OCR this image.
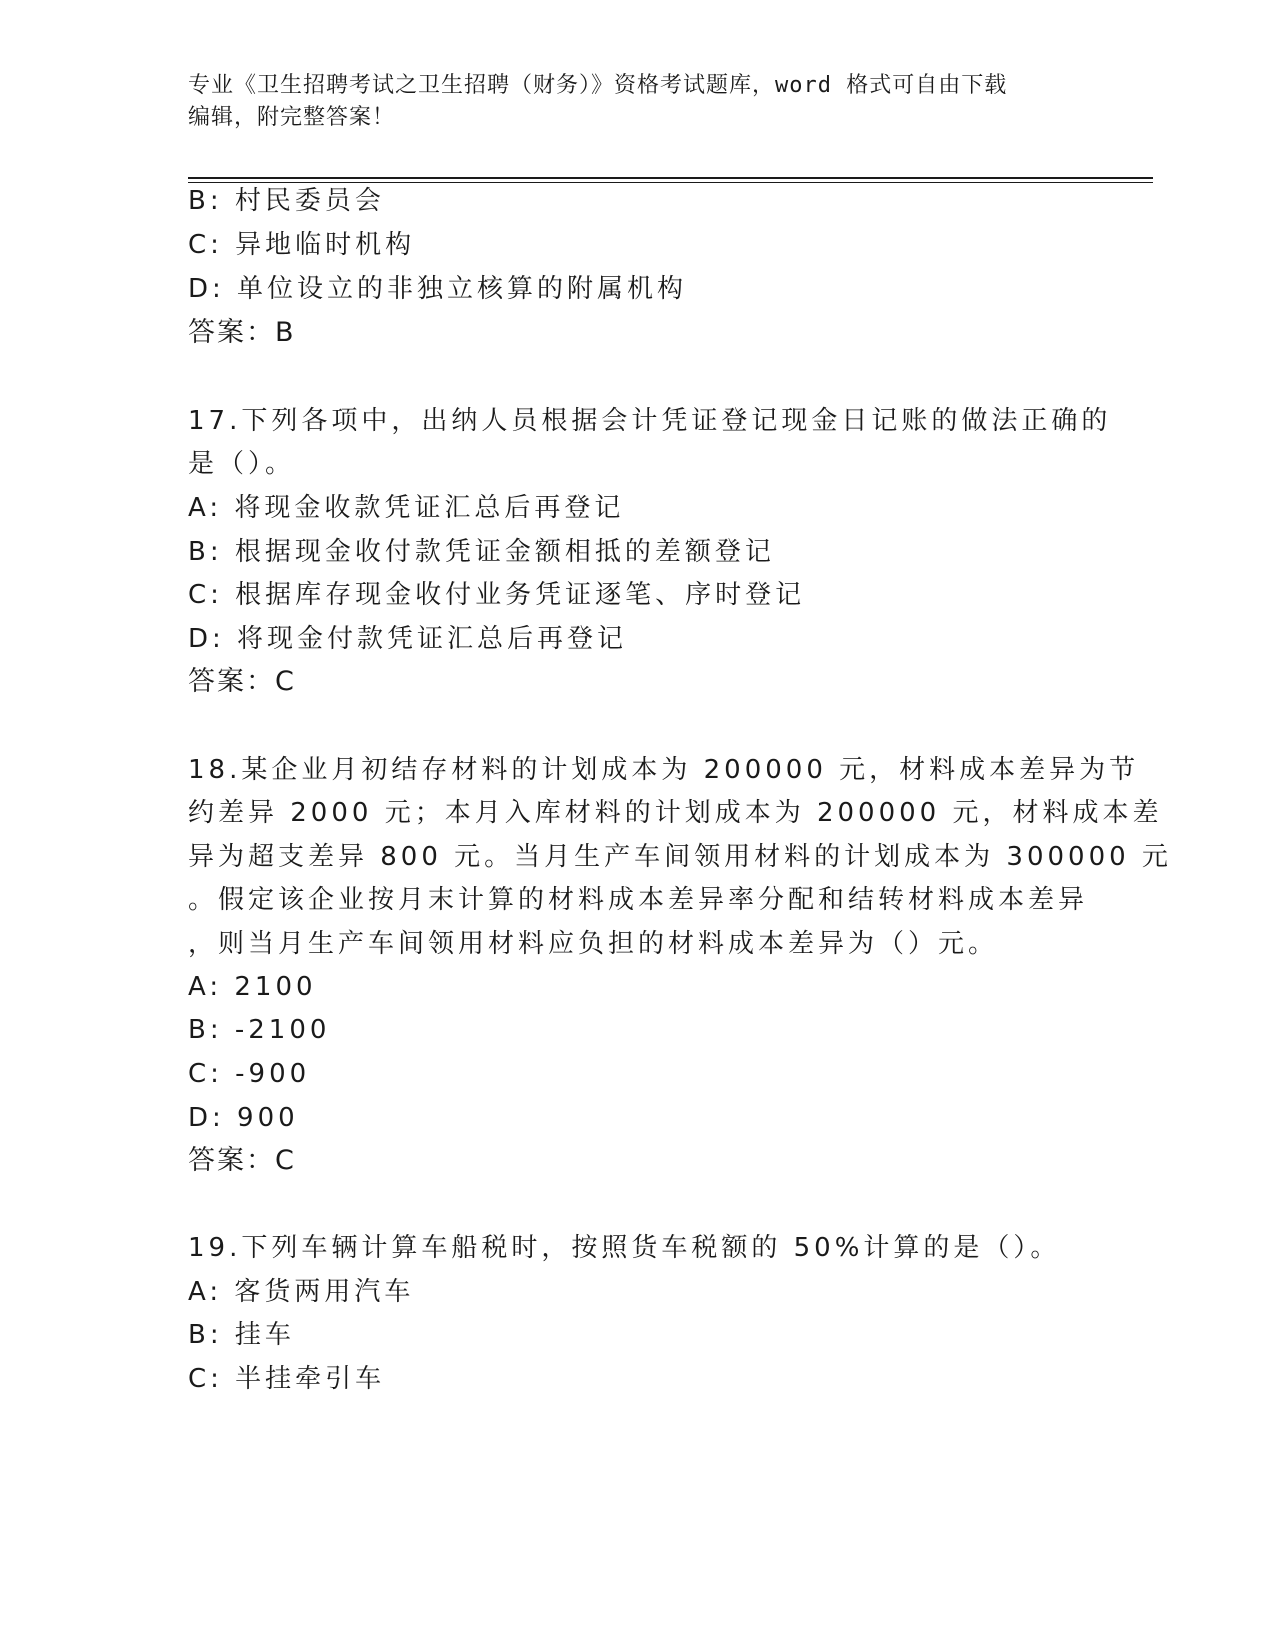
专业《卫生招聘考试之卫生招聘（财务）》资格考试题库，word 格式可自由下载
编辑，附完整答案！
B: 村民委员会
C: 异地临时机构
D: 单位设立的非独立核算的附属机构
答案：B
17.下列各项中，出纳人员根据会计凭证登记现金日记账的做法正确的
是（）。
A: 将现金收款凭证汇总后再登记
B: 根据现金收付款凭证金额相抵的差额登记
C: 根据库存现金收付业务凭证逐笔、序时登记
D: 将现金付款凭证汇总后再登记
答案：C
18.某企业月初结存材料的计划成本为 200000 元，材料成本差异为节
约差异 2000 元；本月入库材料的计划成本为 200000 元，材料成本差
异为超支差异 800 元。当月生产车间领用材料的计划成本为 300000 元
。假定该企业按月末计算的材料成本差异率分配和结转材料成本差异
，则当月生产车间领用材料应负担的材料成本差异为（）元。
A: 2100
B: -2100
C: -900
D: 900
答案：C
19.下列车辆计算车船税时，按照货车税额的 50%计算的是（）。
A: 客货两用汽车
B: 挂车
C: 半挂牵引车
